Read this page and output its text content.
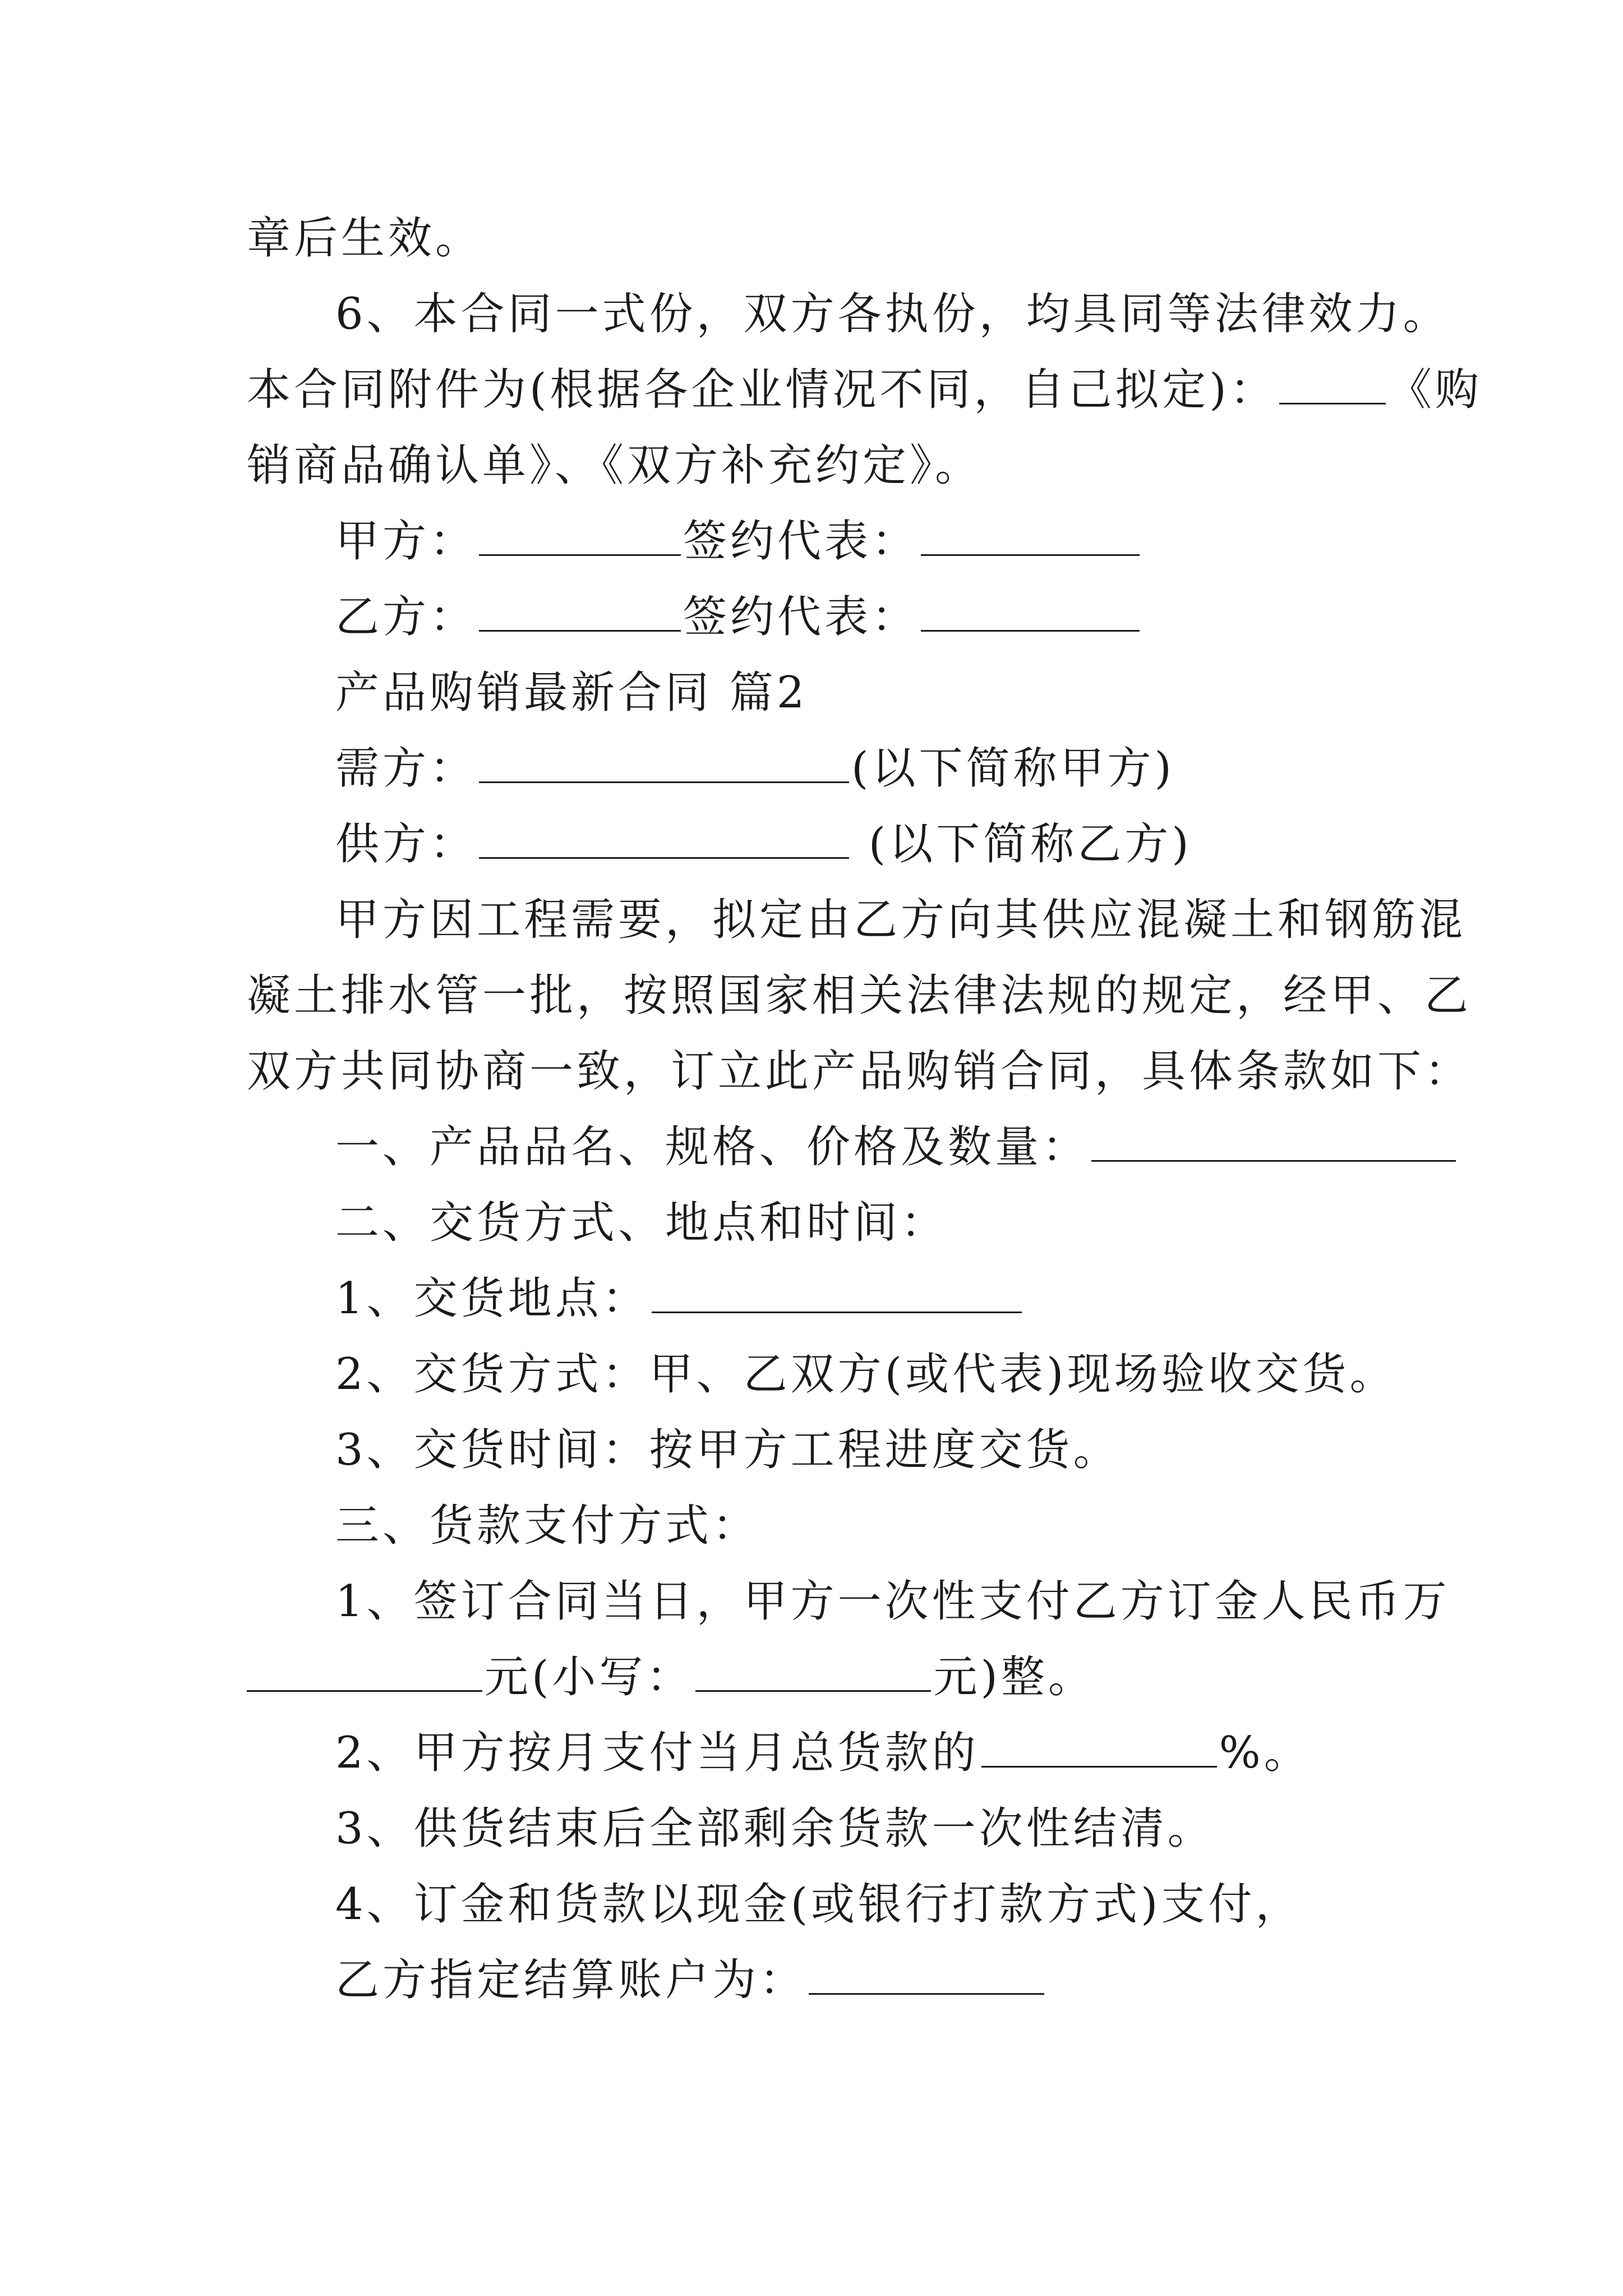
章后生效。
6、本合同一式份，双方各执份，均具同等法律效力。
本合同附件为(根据各企业情况不同，自己拟定)：	《购
销商品确认单》、《双方补充约定》。
甲方：	签约代表：
乙方：	签约代表：
产品购销最新合同 篇2
需方：	(以下简称甲方)
供方：	(以下简称乙方)
甲方因工程需要，拟定由乙方向其供应混凝土和钢筋混
凝土排水管一批，按照国家相关法律法规的规定，经甲、乙
双方共同协商一致，订立此产品购销合同，具体条款如下：
一、产品品名、规格、价格及数量：
二、交货方式、地点和时间：
1、交货地点：
2、交货方式：甲、乙双方(或代表)现场验收交货。
3、交货时间：按甲方工程进度交货。
三、货款支付方式：
1、签订合同当日，甲方一次性支付乙方订金人民币万
元(小写：	元)整。
2、甲方按月支付当月总货款的	%。
3、供货结束后全部剩余货款一次性结清。
4、订金和货款以现金(或银行打款方式)支付，
乙方指定结算账户为：
